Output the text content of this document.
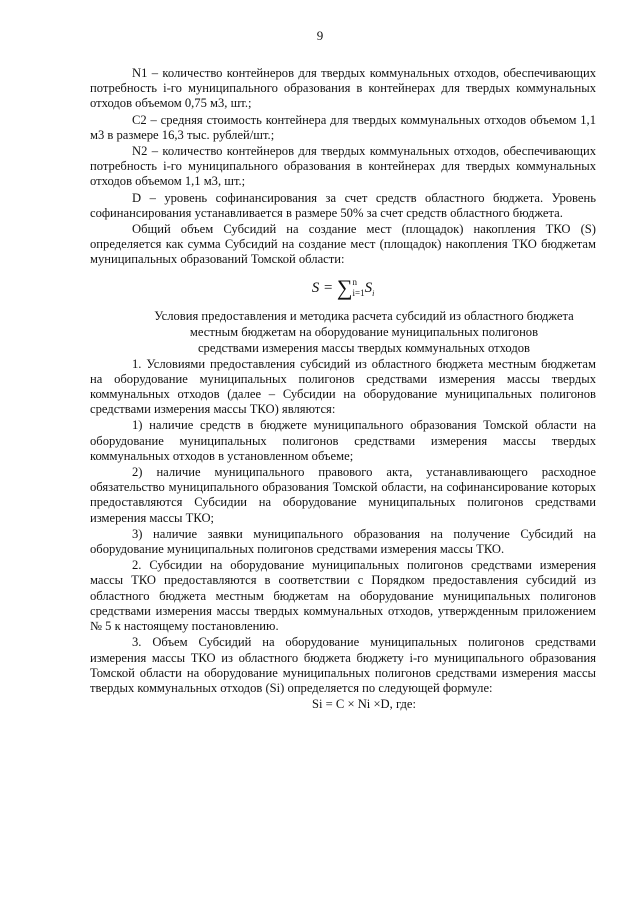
9

N1 – количество контейнеров для твердых коммунальных отходов, обеспечивающих потребность i-го муниципального образования в контейнерах для твердых коммунальных отходов объемом 0,75 м3, шт.;

C2 – средняя стоимость контейнера для твердых коммунальных отходов объемом 1,1 м3 в размере 16,3 тыс. рублей/шт.;

N2 – количество контейнеров для твердых коммунальных отходов, обеспечивающих потребность i-го муниципального образования в контейнерах для твердых коммунальных отходов объемом 1,1 м3, шт.;

D – уровень софинансирования за счет средств областного бюджета. Уровень софинансирования устанавливается в размере 50% за счет средств областного бюджета.

Общий объем Субсидий на создание мест (площадок) накопления ТКО (S) определяется как сумма Субсидий на создание мест (площадок) накопления ТКО бюджетам муниципальных образований Томской области:

S = ∑ n
i=1 $S_i$

Условия предоставления и методика расчета субсидий из областного бюджета
местным бюджетам на оборудование муниципальных полигонов
средствами измерения массы твердых коммунальных отходов

1. Условиями предоставления субсидий из областного бюджета местным бюджетам на оборудование муниципальных полигонов средствами измерения массы твердых коммунальных отходов (далее – Субсидии на оборудование муниципальных полигонов средствами измерения массы ТКО) являются:

1) наличие средств в бюджете муниципального образования Томской области на оборудование муниципальных полигонов средствами измерения массы твердых коммунальных отходов в установленном объеме;

2) наличие муниципального правового акта, устанавливающего расходное обязательство муниципального образования Томской области, на софинансирование которых предоставляются Субсидии на оборудование муниципальных полигонов средствами измерения массы ТКО;

3) наличие заявки муниципального образования на получение Субсидий на оборудование муниципальных полигонов средствами измерения массы ТКО.

2. Субсидии на оборудование муниципальных полигонов средствами измерения массы ТКО предоставляются в соответствии с Порядком предоставления субсидий из областного бюджета местным бюджетам на оборудование муниципальных полигонов средствами измерения массы твердых коммунальных отходов, утвержденным приложением № 5 к настоящему постановлению.

3. Объем Субсидий на оборудование муниципальных полигонов средствами измерения массы ТКО из областного бюджета бюджету i-го муниципального образования Томской области на оборудование муниципальных полигонов средствами измерения массы твердых коммунальных отходов (Si) определяется по следующей формуле:

Si = C × Ni ×D, где:
